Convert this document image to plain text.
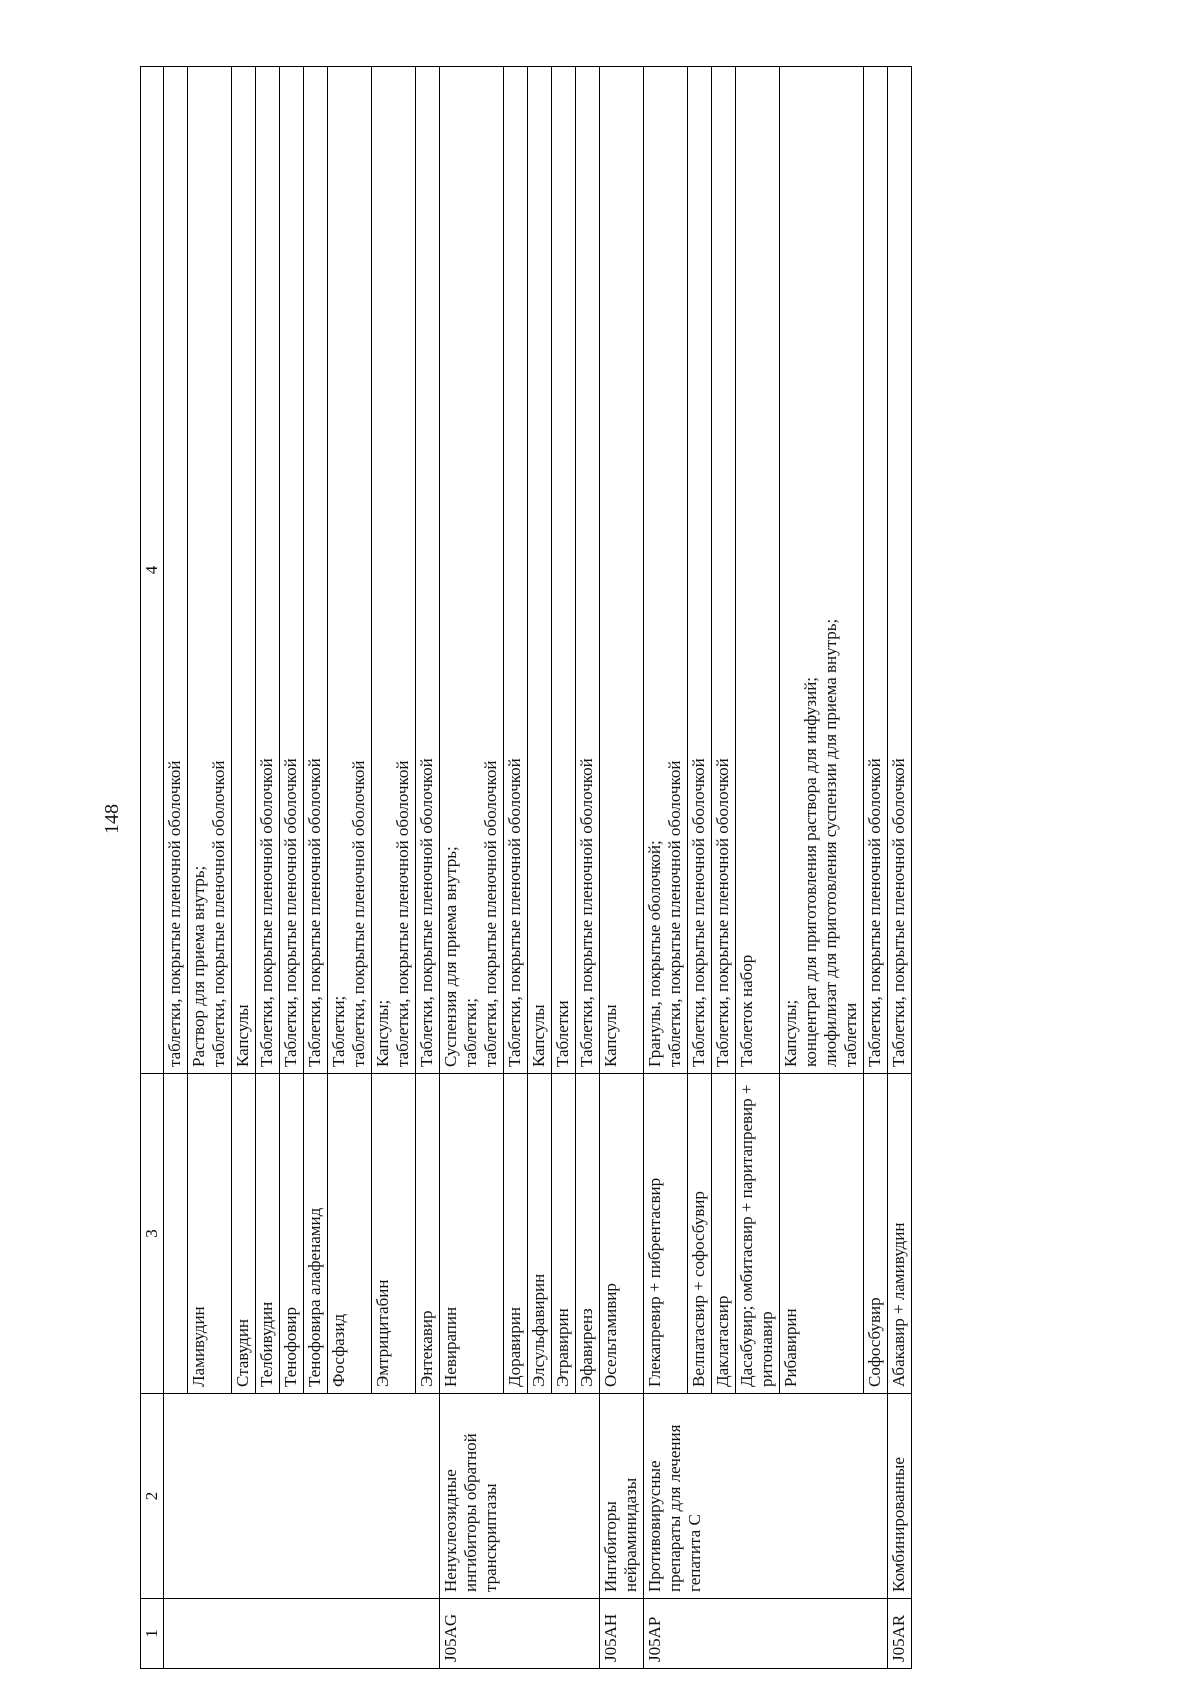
148
1	2	3	4
			таблетки, покрытые пленочной оболочкой
		Ламивудин	Раствор для приема внутрь;
таблетки, покрытые пленочной оболочкой
		Ставудин	Капсулы
		Телбивудин	Таблетки, покрытые пленочной оболочкой
		Тенофовир	Таблетки, покрытые пленочной оболочкой
		Тенофовира алафенамид	Таблетки, покрытые пленочной оболочкой
		Фосфазид	Таблетки;
таблетки, покрытые пленочной оболочкой
		Эмтрицитабин	Капсулы;
таблетки, покрытые пленочной оболочкой
		Энтекавир	Таблетки, покрытые пленочной оболочкой
J05AG	Ненуклеозидные ингибиторы обратной транскриптазы	Невирапин	Суспензия для приема внутрь;
таблетки;
таблетки, покрытые пленочной оболочкой
		Доравирин	Таблетки, покрытые пленочной оболочкой
		Элсульфавирин	Капсулы
		Этравирин	Таблетки
		Эфавиренз	Таблетки, покрытые пленочной оболочкой
J05AH	Ингибиторы нейраминидазы	Осельтамивир	Капсулы
J05AP	Противовирусные препараты для лечения гепатита С	Глекапревир + пибрентасвир	Гранулы, покрытые оболочкой;
таблетки, покрытые пленочной оболочкой
		Велпатасвир + софосбувир	Таблетки, покрытые пленочной оболочкой
		Даклатасвир	Таблетки, покрытые пленочной оболочкой
		Дасабувир; омбитасвир + паритапревир + ритонавир	Таблеток набор
		Рибавирин	Капсулы;
концентрат для приготовления раствора для инфузий;
лиофилизат для приготовления суспензии для приема внутрь;
таблетки
		Софосбувир	Таблетки, покрытые пленочной оболочкой
J05AR	Комбинированные	Абакавир + ламивудин	Таблетки, покрытые пленочной оболочкой
